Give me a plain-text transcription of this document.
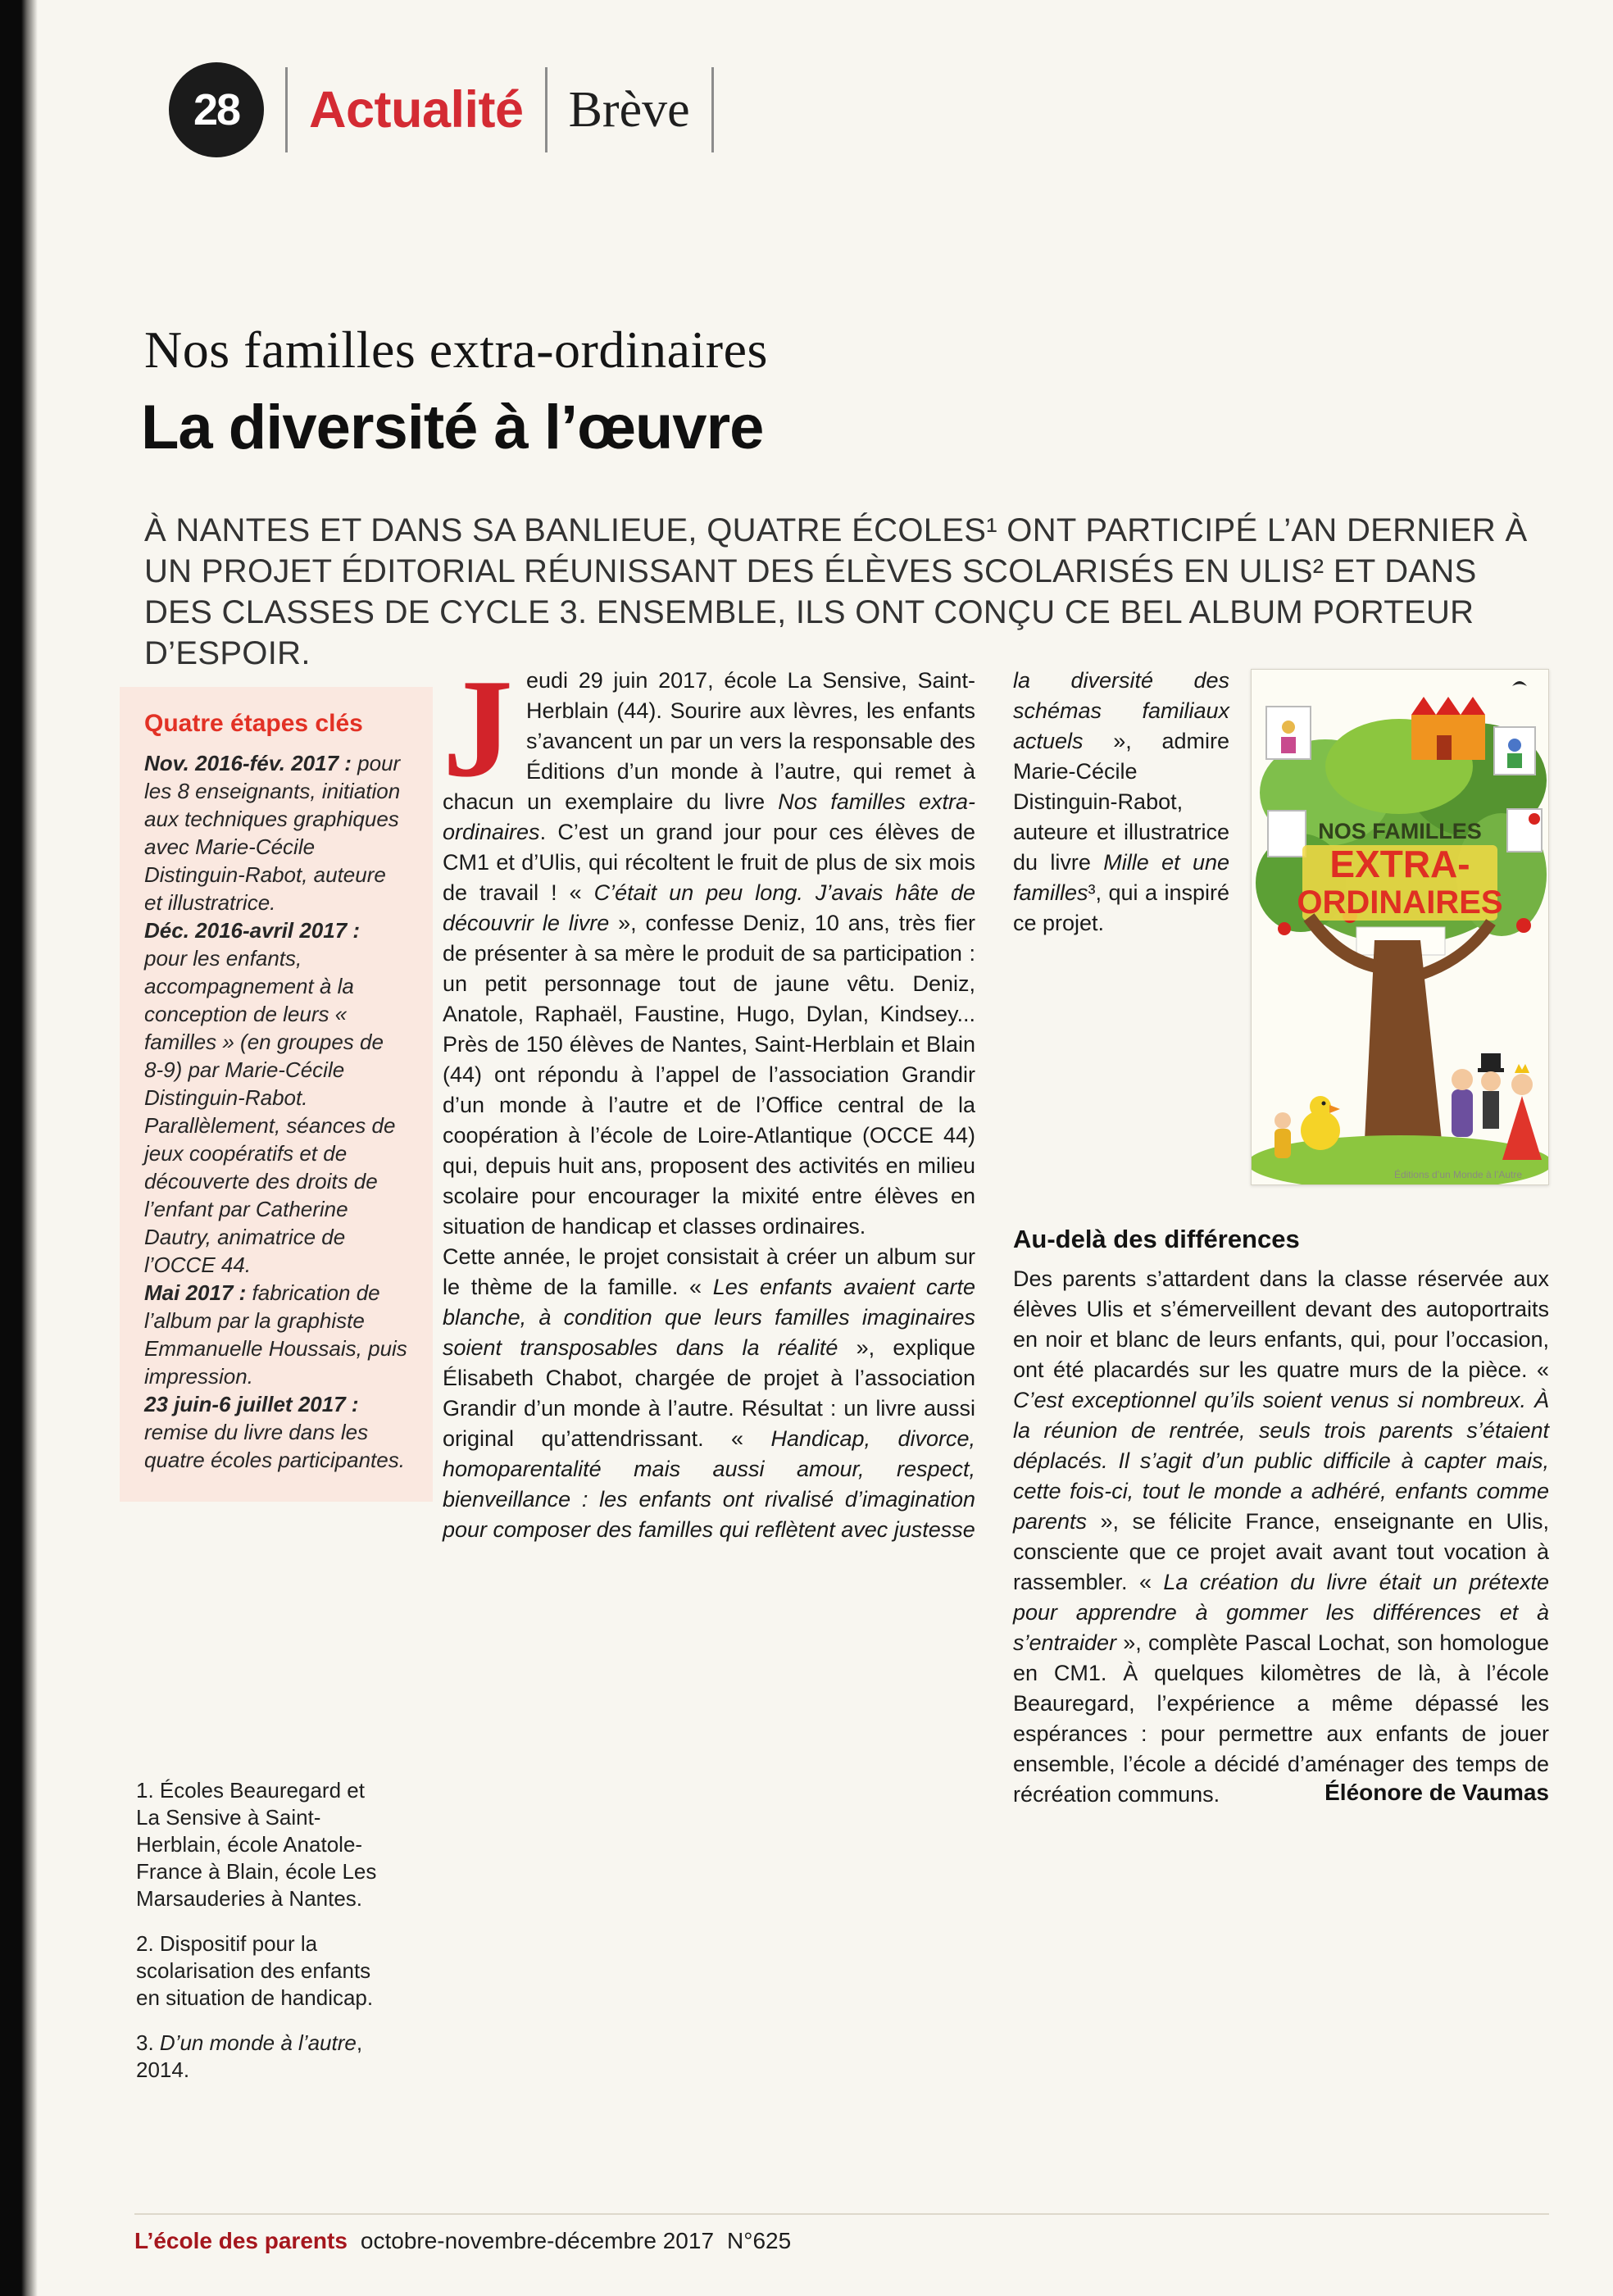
28 Actualité Brève
Nos familles extra-ordinaires
La diversité à l’œuvre

À NANTES ET DANS SA BANLIEUE, QUATRE ÉCOLES¹ ONT PARTICIPÉ L’AN DERNIER À UN PROJET ÉDITORIAL RÉUNISSANT DES ÉLÈVES SCOLARISÉS EN ULIS² ET DANS DES CLASSES DE CYCLE 3. ENSEMBLE, ILS ONT CONÇU CE BEL ALBUM PORTEUR D’ESPOIR.

Quatre étapes clés

Nov. 2016-fév. 2017 : pour les 8 enseignants, initiation aux techniques graphiques avec Marie-Cécile Distinguin-Rabot, auteure et illustratrice.

Déc. 2016-avril 2017 : pour les enfants, accompagnement à la conception de leurs « familles » (en groupes de 8-9) par Marie-Cécile Distinguin-Rabot. Parallèlement, séances de jeux coopératifs et de découverte des droits de l’enfant par Catherine Dautry, animatrice de l’OCCE 44.

Mai 2017 : fabrication de l’album par la graphiste Emmanuelle Houssais, puis impression.

23 juin-6 juillet 2017 : remise du livre dans les quatre écoles participantes.

1. Écoles Beauregard et La Sensive à Saint-Herblain, école Anatole-France à Blain, école Les Marsauderies à Nantes.

2. Dispositif pour la scolarisation des enfants en situation de handicap.

3. D’un monde à l’autre, 2014.

Jeudi 29 juin 2017, école La Sensive, Saint-Herblain (44). Sourire aux lèvres, les enfants s’avancent un par un vers la responsable des Éditions d’un monde à l’autre, qui remet à chacun un exemplaire du livre Nos familles extra-ordinaires. C’est un grand jour pour ces élèves de CM1 et d’Ulis, qui récoltent le fruit de plus de six mois de travail ! « C’était un peu long. J’avais hâte de découvrir le livre », confesse Deniz, 10 ans, très fier de présenter à sa mère le produit de sa participation : un petit personnage tout de jaune vêtu. Deniz, Anatole, Raphaël, Faustine, Hugo, Dylan, Kindsey... Près de 150 élèves de Nantes, Saint-Herblain et Blain (44) ont répondu à l’appel de l’association Grandir d’un monde à l’autre et de l’Office central de la coopération à l’école de Loire-Atlantique (OCCE 44) qui, depuis huit ans, proposent des activités en milieu scolaire pour encourager la mixité entre élèves en situation de handicap et classes ordinaires.

Cette année, le projet consistait à créer un album sur le thème de la famille. « Les enfants avaient carte blanche, à condition que leurs familles imaginaires soient transposables dans la réalité », explique Élisabeth Chabot, chargée de projet à l’association Grandir d’un monde à l’autre. Résultat : un livre aussi original qu’attendrissant. « Handicap, divorce, homoparentalité mais aussi amour, respect, bienveillance : les enfants ont rivalisé d’imagination pour composer des familles qui reflètent avec justesse

NOS FAMILLES
EXTRA-
ORDINAIRES
Éditions d’un Monde à l’Autre

la diversité des schémas familiaux actuels », admire Marie-Cécile Distinguin-Rabot, auteure et illustratrice du livre Mille et une familles³, qui a inspiré ce projet.

Au-delà des différences

Des parents s’attardent dans la classe réservée aux élèves Ulis et s’émerveillent devant des autoportraits en noir et blanc de leurs enfants, qui, pour l’occasion, ont été placardés sur les quatre murs de la pièce. « C’est exceptionnel qu’ils soient venus si nombreux. À la réunion de rentrée, seuls trois parents s’étaient déplacés. Il s’agit d’un public difficile à capter mais, cette fois-ci, tout le monde a adhéré, enfants comme parents », se félicite France, enseignante en Ulis, consciente que ce projet avait avant tout vocation à rassembler. « La création du livre était un prétexte pour apprendre à gommer les différences et à s’entraider », complète Pascal Lochat, son homologue en CM1. À quelques kilomètres de là, à l’école Beauregard, l’expérience a même dépassé les espérances : pour permettre aux enfants de jouer ensemble, l’école a décidé d’aménager des temps de récréation communs.	Éléonore de Vaumas
L’école des parents octobre-novembre-décembre 2017 N°625
